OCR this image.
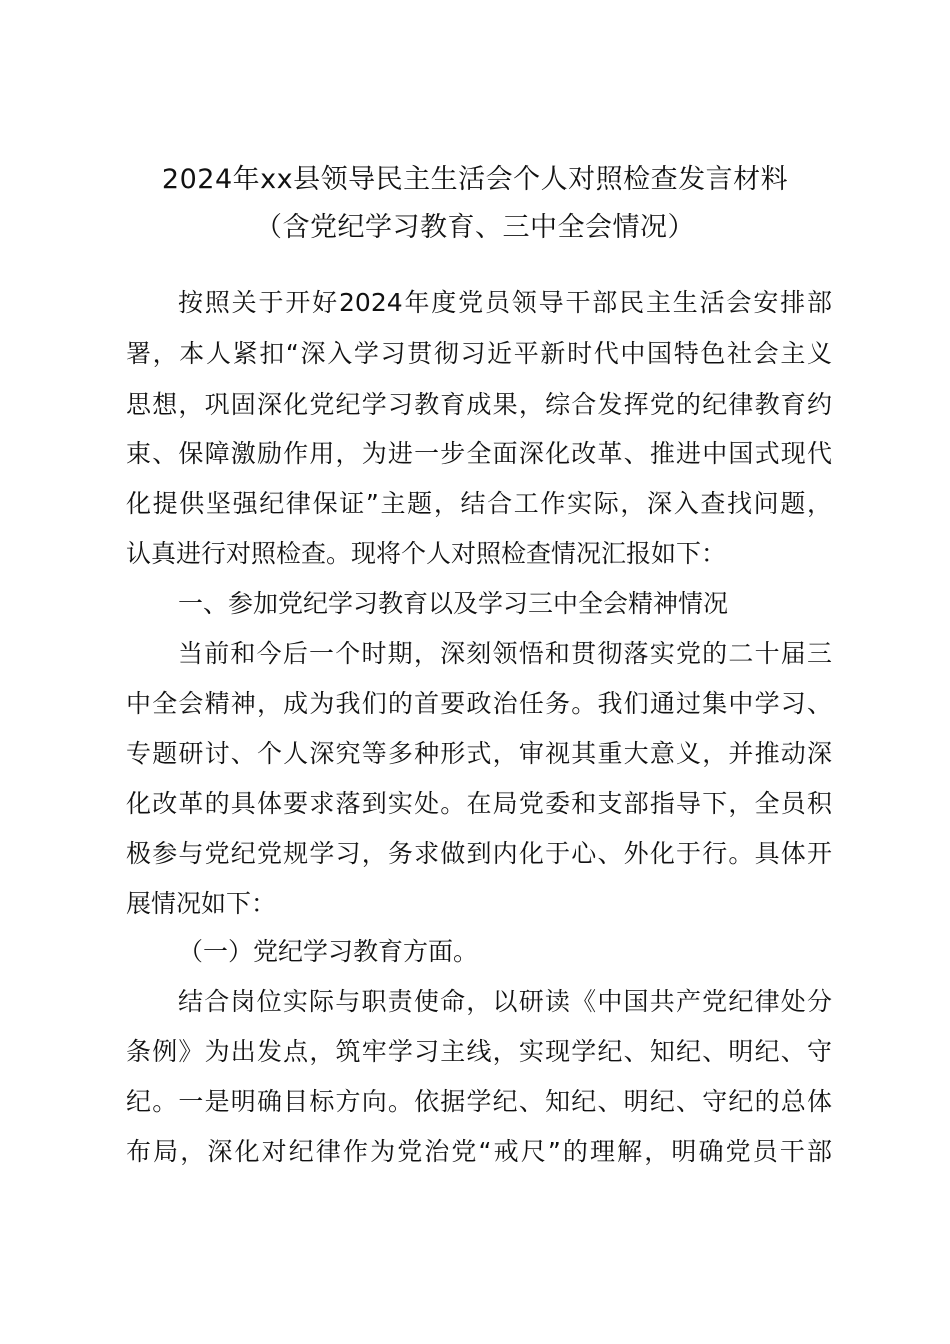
2024年xx县领导民主生活会个人对照检查发言材料
（含党纪学习教育、三中全会情况）
按照关于开好2024年度党员领导干部民主生活会安排部
署，本人紧扣“深入学习贯彻习近平新时代中国特色社会主义
思想，巩固深化党纪学习教育成果，综合发挥党的纪律教育约
束、保障激励作用，为进一步全面深化改革、推进中国式现代
化提供坚强纪律保证”主题，结合工作实际，深入查找问题，
认真进行对照检查。现将个人对照检查情况汇报如下：
一、参加党纪学习教育以及学习三中全会精神情况
当前和今后一个时期，深刻领悟和贯彻落实党的二十届三
中全会精神，成为我们的首要政治任务。我们通过集中学习、
专题研讨、个人深究等多种形式，审视其重大意义，并推动深
化改革的具体要求落到实处。在局党委和支部指导下，全员积
极参与党纪党规学习，务求做到内化于心、外化于行。具体开
展情况如下：
（一）党纪学习教育方面。
结合岗位实际与职责使命，以研读《中国共产党纪律处分
条例》为出发点，筑牢学习主线，实现学纪、知纪、明纪、守
纪。一是明确目标方向。依据学纪、知纪、明纪、守纪的总体
布局，深化对纪律作为党治党“戒尺”的理解，明确党员干部
